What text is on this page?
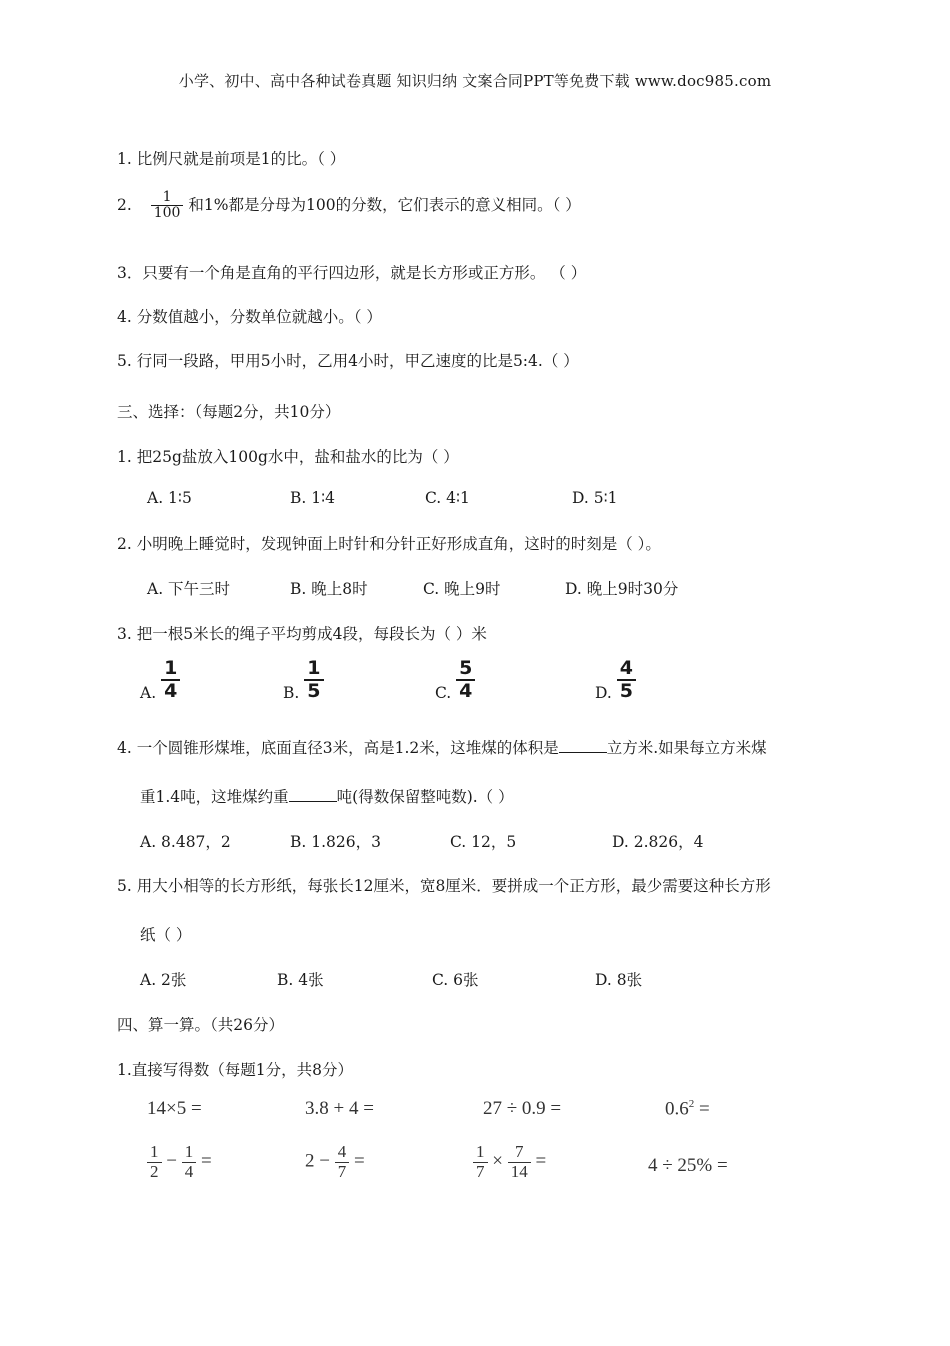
小学、初中、高中各种试卷真题 知识归纳 文案合同PPT等免费下载 www.doc985.com
1. 比例尺就是前项是1的比。（ ）
2. $\frac{1}{100}$ 和1%都是分母为100的分数，它们表示的意义相同。（ ）
3．只要有一个角是直角的平行四边形，就是长方形或正方形。 （ ）
4. 分数值越小，分数单位就越小。（ ）
5. 行同一段路，甲用5小时，乙用4小时，甲乙速度的比是5:4.（ ）
三、选择：（每题2分，共10分）
1. 把25g盐放入100g水中，盐和盐水的比为（ ）
A. 1∶5	B. 1∶4	C. 4∶1	D. 5∶1
2. 小明晚上睡觉时，发现钟面上时针和分针正好形成直角，这时的时刻是（ ）。
A. 下午三时	B. 晚上8时	C. 晚上9时	D. 晚上9时30分
3. 把一根5米长的绳子平均剪成4段，每段长为（ ）米
A. $\frac{1}{4}$	B. $\frac{1}{5}$	C. $\frac{5}{4}$	D. $\frac{4}{5}$
4. 一个圆锥形煤堆，底面直径3米，高是1.2米，这堆煤的体积是	立方米.如果每立方米煤
重1.4吨，这堆煤约重	吨(得数保留整吨数).（ ）
A. 8.487，2	B. 1.826，3	C. 12，5	D. 2.826，4
5. 用大小相等的长方形纸，每张长12厘米，宽8厘米．要拼成一个正方形，最少需要这种长方形
纸（ ）
A. 2张	B. 4张	C. 6张	D. 8张
四、算一算。（共26分）
1.直接写得数（每题1分，共8分）
14×5 =	3.8 + 4 =	27 ÷ 0.9 =	$0.6^2$ =
$\frac{1}{2} - \frac{1}{4}$ =	$2 - \frac{4}{7}$ =	$\frac{1}{7} \times \frac{7}{14}$ =	4 ÷ 25% =
